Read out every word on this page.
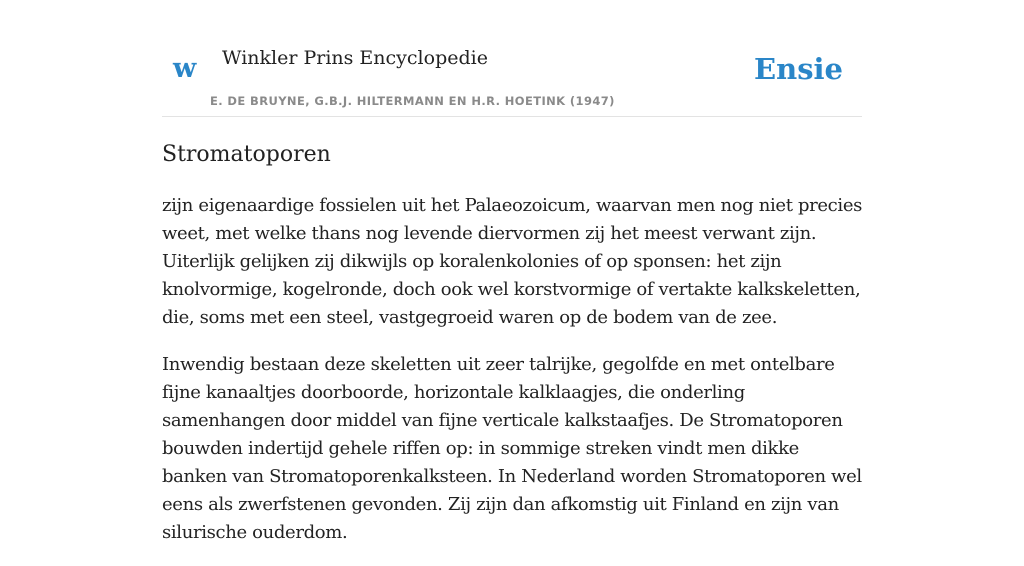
w Winkler Prins Encyclopedie
E. DE BRUYNE, G.B.J. HILTERMANN EN H.R. HOETINK (1947)
Ensie
Stromatoporen

zijn eigenaardige fossielen uit het Palaeozoicum, waarvan men nog niet precies weet, met welke thans nog levende diervormen zij het meest verwant zijn. Uiterlijk gelijken zij dikwijls op koralenkolonies of op sponsen: het zijn knolvormige, kogelronde, doch ook wel korstvormige of vertakte kalkskeletten, die, soms met een steel, vastgegroeid waren op de bodem van de zee.

Inwendig bestaan deze skeletten uit zeer talrijke, gegolfde en met ontelbare fijne kanaaltjes doorboorde, horizontale kalklaagjes, die onderling samenhangen door middel van fijne verticale kalkstaafjes. De Stromatoporen bouwden indertijd gehele riffen op: in sommige streken vindt men dikke banken van Stromatoporenkalksteen. In Nederland worden Stromatoporen wel eens als zwerfstenen gevonden. Zij zijn dan afkomstig uit Finland en zijn van silurische ouderdom.
